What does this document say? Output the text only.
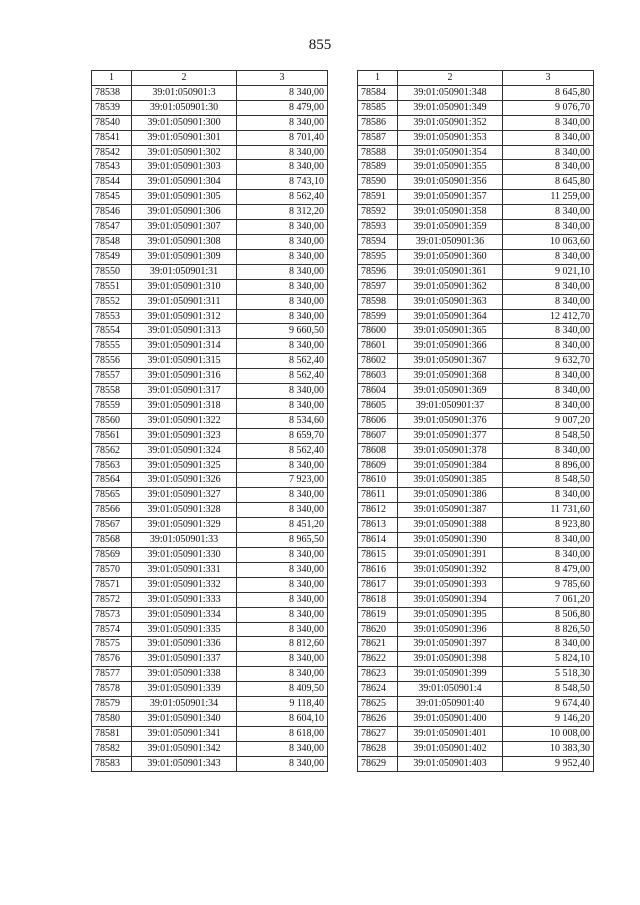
855
1	2	3
78538	39:01:050901:3	8 340,00
78539	39:01:050901:30	8 479,00
78540	39:01:050901:300	8 340,00
78541	39:01:050901:301	8 701,40
78542	39:01:050901:302	8 340,00
78543	39:01:050901:303	8 340,00
78544	39:01:050901:304	8 743,10
78545	39:01:050901:305	8 562,40
78546	39:01:050901:306	8 312,20
78547	39:01:050901:307	8 340,00
78548	39:01:050901:308	8 340,00
78549	39:01:050901:309	8 340,00
78550	39:01:050901:31	8 340,00
78551	39:01:050901:310	8 340,00
78552	39:01:050901:311	8 340,00
78553	39:01:050901:312	8 340,00
78554	39:01:050901:313	9 660,50
78555	39:01:050901:314	8 340,00
78556	39:01:050901:315	8 562,40
78557	39:01:050901:316	8 562,40
78558	39:01:050901:317	8 340,00
78559	39:01:050901:318	8 340,00
78560	39:01:050901:322	8 534,60
78561	39:01:050901:323	8 659,70
78562	39:01:050901:324	8 562,40
78563	39:01:050901:325	8 340,00
78564	39:01:050901:326	7 923,00
78565	39:01:050901:327	8 340,00
78566	39:01:050901:328	8 340,00
78567	39:01:050901:329	8 451,20
78568	39:01:050901:33	8 965,50
78569	39:01:050901:330	8 340,00
78570	39:01:050901:331	8 340,00
78571	39:01:050901:332	8 340,00
78572	39:01:050901:333	8 340,00
78573	39:01:050901:334	8 340,00
78574	39:01:050901:335	8 340,00
78575	39:01:050901:336	8 812,60
78576	39:01:050901:337	8 340,00
78577	39:01:050901:338	8 340,00
78578	39:01:050901:339	8 409,50
78579	39:01:050901:34	9 118,40
78580	39:01:050901:340	8 604,10
78581	39:01:050901:341	8 618,00
78582	39:01:050901:342	8 340,00
78583	39:01:050901:343	8 340,00
1	2	3
78584	39:01:050901:348	8 645,80
78585	39:01:050901:349	9 076,70
78586	39:01:050901:352	8 340,00
78587	39:01:050901:353	8 340,00
78588	39:01:050901:354	8 340,00
78589	39:01:050901:355	8 340,00
78590	39:01:050901:356	8 645,80
78591	39:01:050901:357	11 259,00
78592	39:01:050901:358	8 340,00
78593	39:01:050901:359	8 340,00
78594	39:01:050901:36	10 063,60
78595	39:01:050901:360	8 340,00
78596	39:01:050901:361	9 021,10
78597	39:01:050901:362	8 340,00
78598	39:01:050901:363	8 340,00
78599	39:01:050901:364	12 412,70
78600	39:01:050901:365	8 340,00
78601	39:01:050901:366	8 340,00
78602	39:01:050901:367	9 632,70
78603	39:01:050901:368	8 340,00
78604	39:01:050901:369	8 340,00
78605	39:01:050901:37	8 340,00
78606	39:01:050901:376	9 007,20
78607	39:01:050901:377	8 548,50
78608	39:01:050901:378	8 340,00
78609	39:01:050901:384	8 896,00
78610	39:01:050901:385	8 548,50
78611	39:01:050901:386	8 340,00
78612	39:01:050901:387	11 731,60
78613	39:01:050901:388	8 923,80
78614	39:01:050901:390	8 340,00
78615	39:01:050901:391	8 340,00
78616	39:01:050901:392	8 479,00
78617	39:01:050901:393	9 785,60
78618	39:01:050901:394	7 061,20
78619	39:01:050901:395	8 506,80
78620	39:01:050901:396	8 826,50
78621	39:01:050901:397	8 340,00
78622	39:01:050901:398	5 824,10
78623	39:01:050901:399	5 518,30
78624	39:01:050901:4	8 548,50
78625	39:01:050901:40	9 674,40
78626	39:01:050901:400	9 146,20
78627	39:01:050901:401	10 008,00
78628	39:01:050901:402	10 383,30
78629	39:01:050901:403	9 952,40
